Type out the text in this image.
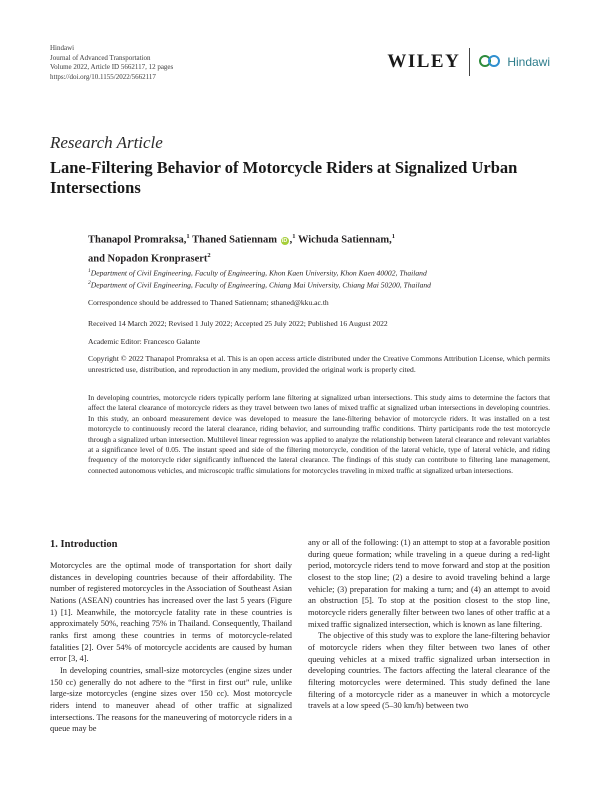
Hindawi
Journal of Advanced Transportation
Volume 2022, Article ID 5662117, 12 pages
https://doi.org/10.1155/2022/5662117
WILEY	Hindawi
Research Article
Lane-Filtering Behavior of Motorcycle Riders at Signalized Urban Intersections
Thanapol Promraksa,$^1$ Thaned Satiennam iD ,$^1$ Wichuda Satiennam,$^1$
and Nopadon Kronprasert$^2$
$^1$Department of Civil Engineering, Faculty of Engineering, Khon Kaen University, Khon Kaen 40002, Thailand
$^2$Department of Civil Engineering, Faculty of Engineering, Chiang Mai University, Chiang Mai 50200, Thailand
Correspondence should be addressed to Thaned Satiennam; sthaned@kku.ac.th
Received 14 March 2022; Revised 1 July 2022; Accepted 25 July 2022; Published 16 August 2022
Academic Editor: Francesco Galante
Copyright © 2022 Thanapol Promraksa et al. This is an open access article distributed under the Creative Commons Attribution License, which permits unrestricted use, distribution, and reproduction in any medium, provided the original work is properly cited.
In developing countries, motorcycle riders typically perform lane filtering at signalized urban intersections. This study aims to determine the factors that affect the lateral clearance of motorcycle riders as they travel between two lanes of mixed traffic at signalized urban intersections in developing countries. In this study, an onboard measurement device was developed to measure the lane-filtering behavior of motorcycle riders. It was installed on a test motorcycle to continuously record the lateral clearance, riding behavior, and surrounding traffic conditions. Thirty participants rode the test motorcycle through a signalized urban intersection. Multilevel linear regression was applied to analyze the relationship between lateral clearance and relevant variables at a significance level of 0.05. The instant speed and side of the filtering motorcycle, condition of the lateral vehicle, type of lateral vehicle, and riding frequency of the motorcycle rider significantly influenced the lateral clearance. The findings of this study can contribute to filtering lane management, connected autonomous vehicles, and microscopic traffic simulations for motorcycles traveling in mixed traffic at signalized urban intersections.
1. Introduction

Motorcycles are the optimal mode of transportation for short daily distances in developing countries because of their affordability. The number of registered motorcycles in the Association of Southeast Asian Nations (ASEAN) countries has increased over the last 5 years (Figure 1) [1]. Meanwhile, the motorcycle fatality rate in these countries is approximately 50%, reaching 75% in Thailand. Consequently, Thailand ranks first among these countries in terms of motorcycle-related fatalities [2]. Over 54% of motorcycle accidents are caused by human error [3, 4].

In developing countries, small-size motorcycles (engine sizes under 150 cc) generally do not adhere to the “first in first out” rule, unlike large-size motorcycles (engine sizes over 150 cc). Most motorcycle riders intend to maneuver ahead of other traffic at signalized intersections. The reasons for the maneuvering of motorcycle riders in a queue may be

any or all of the following: (1) an attempt to stop at a favorable position during queue formation; while traveling in a queue during a red-light period, motorcycle riders tend to move forward and stop at the position closest to the stop line; (2) a desire to avoid traveling behind a large vehicle; (3) preparation for making a turn; and (4) an attempt to avoid an obstruction [5]. To stop at the position closest to the stop line, motorcycle riders generally filter between two lanes of other traffic at a mixed traffic signalized intersection, which is known as lane filtering.

The objective of this study was to explore the lane-filtering behavior of motorcycle riders when they filter between two lanes of other queuing vehicles at a mixed traffic signalized urban intersection in developing countries. The factors affecting the lateral clearance of the filtering motorcycles were determined. This study defined the lane filtering of a motorcycle rider as a maneuver in which a motorcycle travels at a low speed (5–30 km/h) between two
